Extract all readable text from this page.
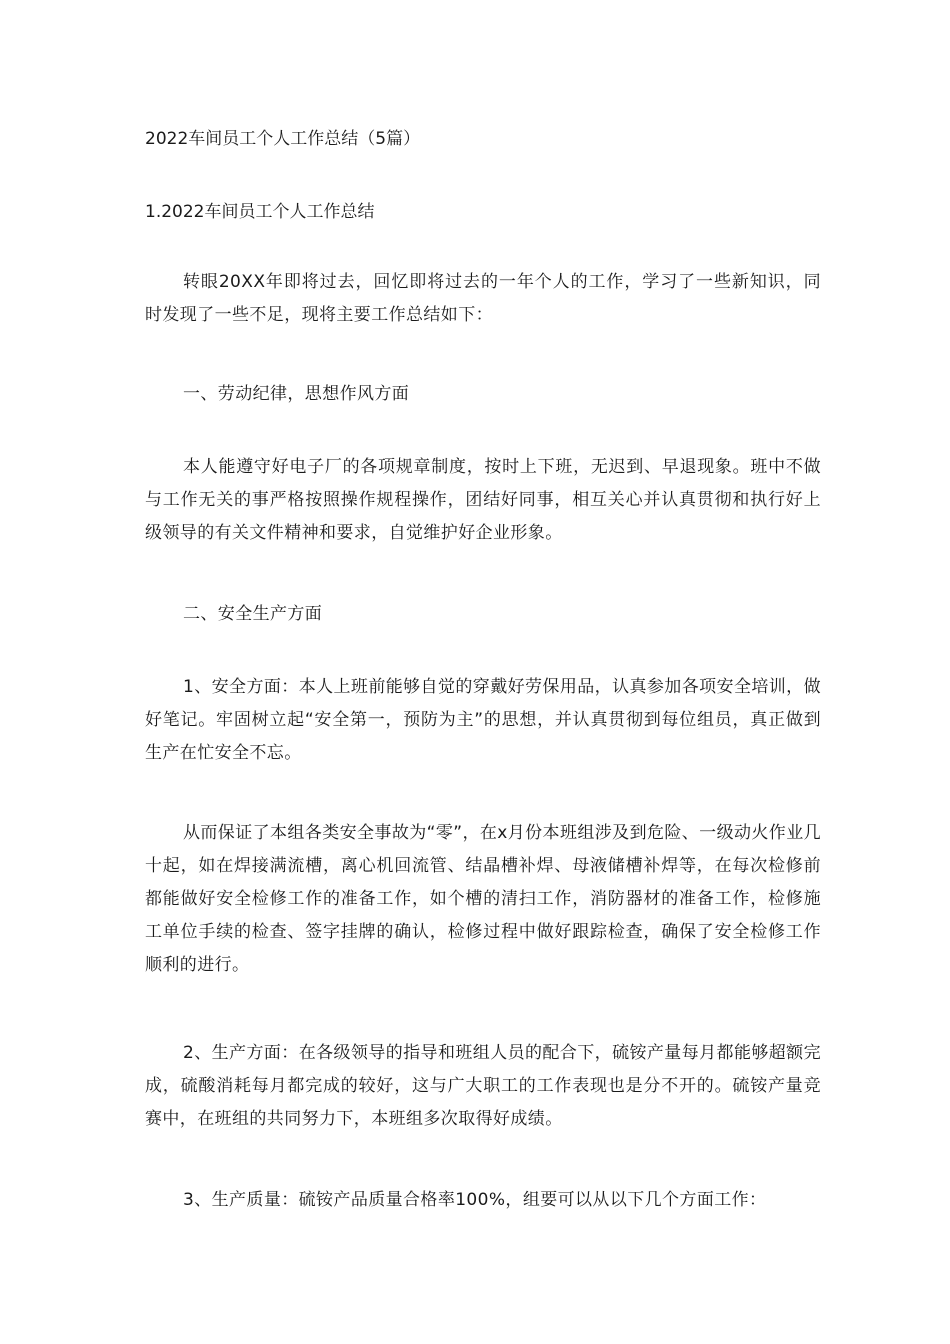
2022车间员工个人工作总结（5篇）
1.2022车间员工个人工作总结

转眼20XX年即将过去，回忆即将过去的一年个人的工作，学习了一些新知识，同时发现了一些不足，现将主要工作总结如下：

一、劳动纪律，思想作风方面

本人能遵守好电子厂的各项规章制度，按时上下班，无迟到、早退现象。班中不做与工作无关的事严格按照操作规程操作，团结好同事，相互关心并认真贯彻和执行好上级领导的有关文件精神和要求，自觉维护好企业形象。

二、安全生产方面

1、安全方面：本人上班前能够自觉的穿戴好劳保用品，认真参加各项安全培训，做好笔记。牢固树立起“安全第一，预防为主”的思想，并认真贯彻到每位组员，真正做到生产在忙安全不忘。

从而保证了本组各类安全事故为“零”，在x月份本班组涉及到危险、一级动火作业几十起，如在焊接满流槽，离心机回流管、结晶槽补焊、母液储槽补焊等，在每次检修前都能做好安全检修工作的准备工作，如个槽的清扫工作，消防器材的准备工作，检修施工单位手续的检查、签字挂牌的确认，检修过程中做好跟踪检查，确保了安全检修工作顺利的进行。

2、生产方面：在各级领导的指导和班组人员的配合下，硫铵产量每月都能够超额完成，硫酸消耗每月都完成的较好，这与广大职工的工作表现也是分不开的。硫铵产量竞赛中，在班组的共同努力下，本班组多次取得好成绩。

3、生产质量：硫铵产品质量合格率100%，组要可以从以下几个方面工作：
